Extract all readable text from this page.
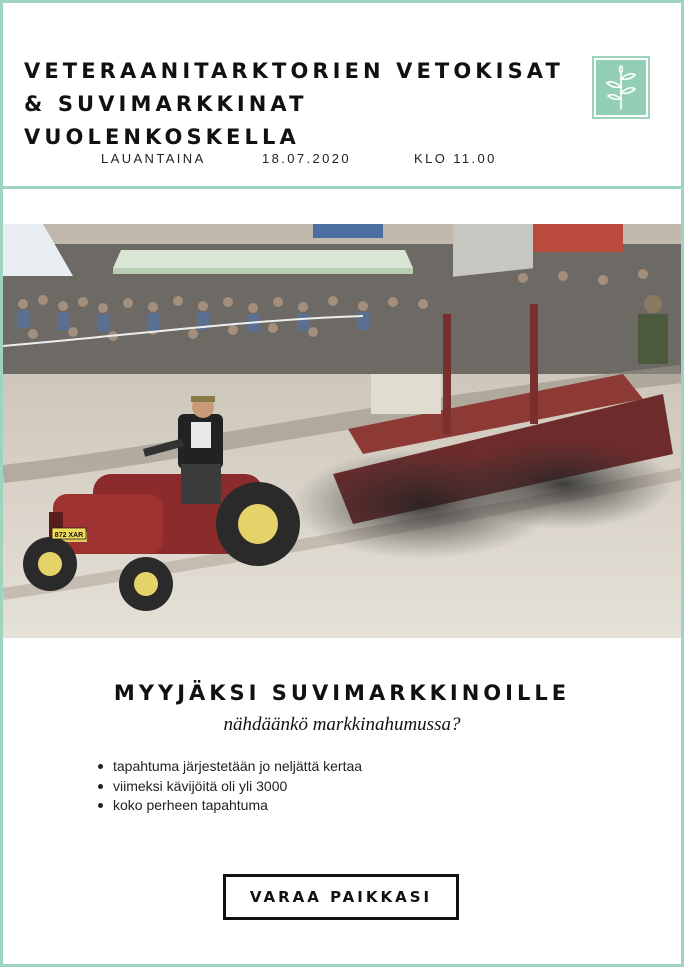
VETERAANITARKTORIEN VETOKISAT & SUVIMARKKINAT VUOLENKOSKELLA
LAUANTAINA	18.07.2020	KLO 11.00
872 XAR
MYYJÄKSI SUVIMARKKINOILLE
nähdäänkö markkinahumussa?
tapahtuma järjestetään jo neljättä kertaa
viimeksi kävijöitä oli yli 3000
koko perheen tapahtuma
VARAA PAIKKASI
